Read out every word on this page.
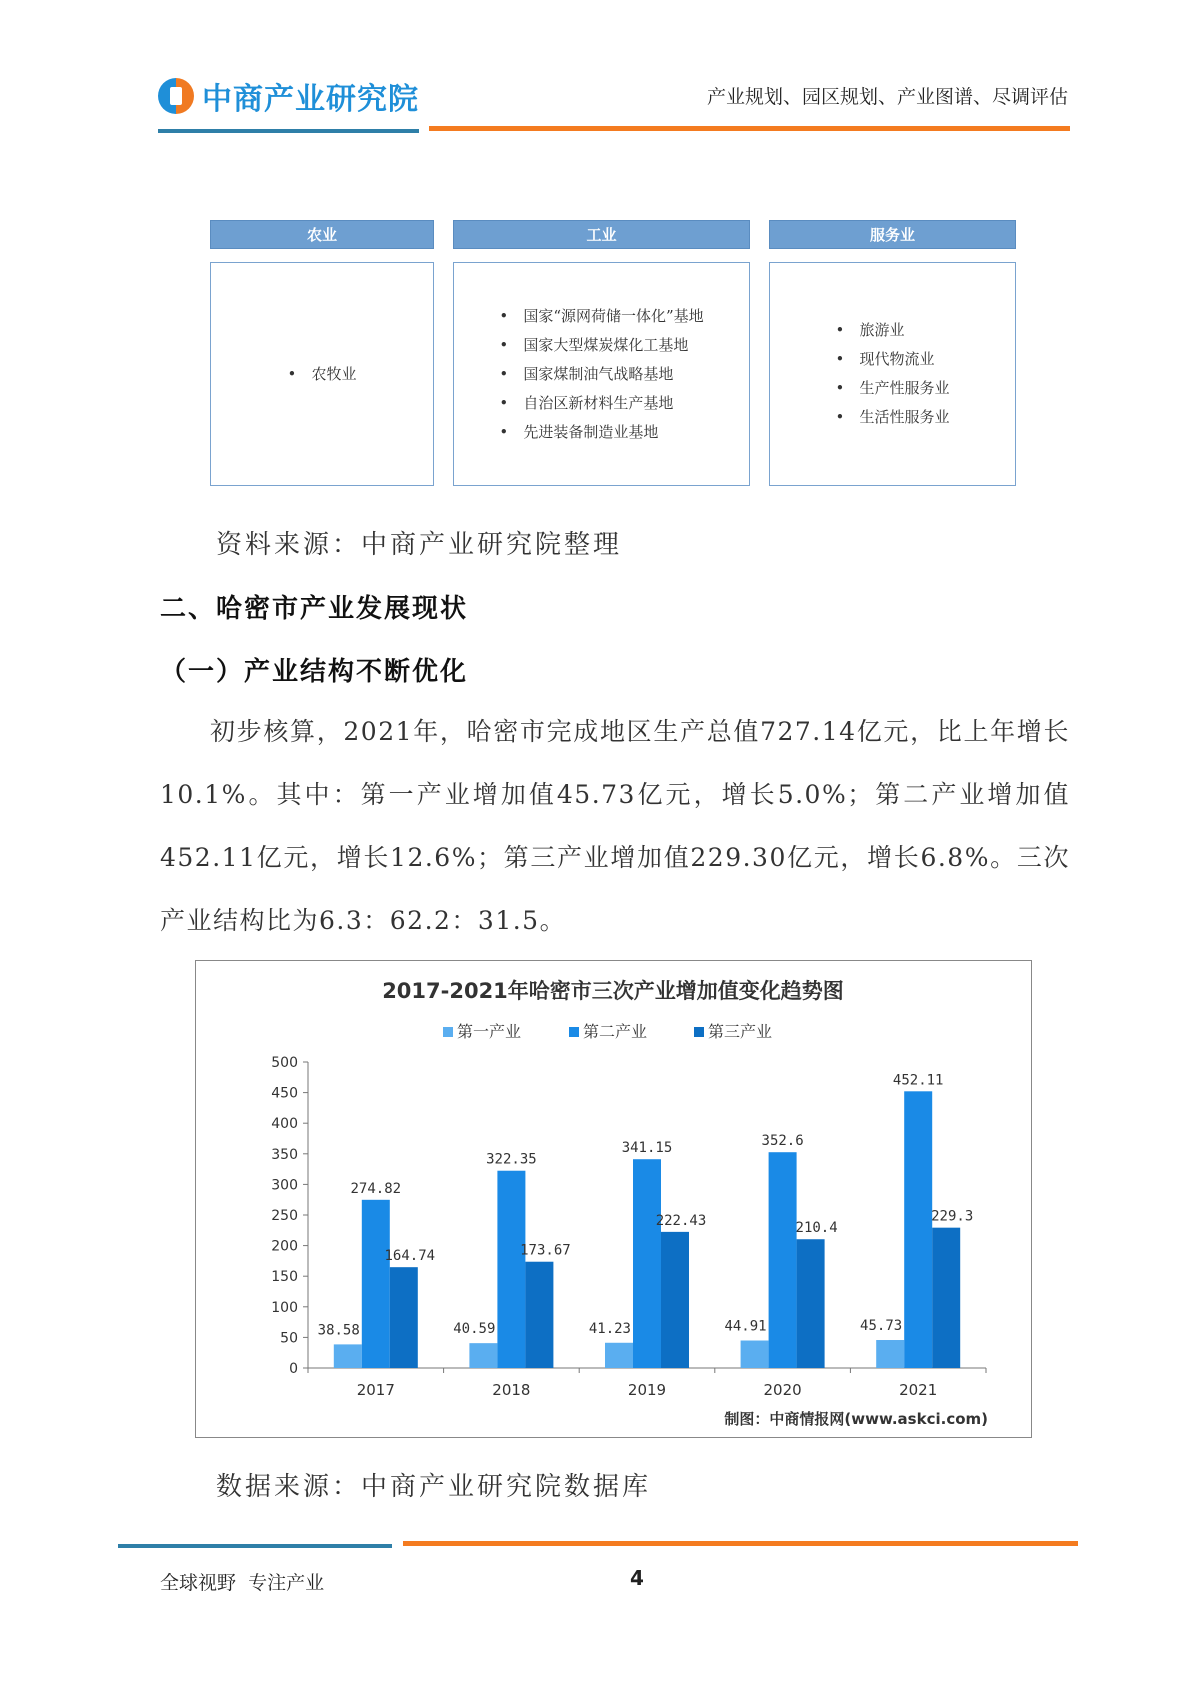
中商产业研究院	产业规划、园区规划、产业图谱、尽调评估
农业
• 农牧业
工业
• 国家“源网荷储一体化”基地
• 国家大型煤炭煤化工基地
• 国家煤制油气战略基地
• 自治区新材料生产基地
• 先进装备制造业基地
服务业
• 旅游业
• 现代物流业
• 生产性服务业
• 生活性服务业
资料来源：中商产业研究院整理
二、哈密市产业发展现状
（一）产业结构不断优化

初步核算，2021年，哈密市完成地区生产总值727.14亿元，比上年增长10.1%。其中：第一产业增加值45.73亿元，增长5.0%；第二产业增加值452.11亿元，增长12.6%；第三产业增加值229.30亿元，增长6.8%。三次产业结构比为6.3：62.2：31.5。

2017-2021年哈密市三次产业增加值变化趋势图
第一产业	第二产业	第三产业
0
50
100
150
200
250
300
350
400
450
500
2017
38.58
274.82
164.74
2018
40.59
322.35
173.67
2019
41.23
341.15
222.43
2020
44.91
352.6
210.4
2021
45.73
452.11
229.3
制图：中商情报网(www.askci.com)
数据来源：中商产业研究院数据库
全球视野  专注产业	4
